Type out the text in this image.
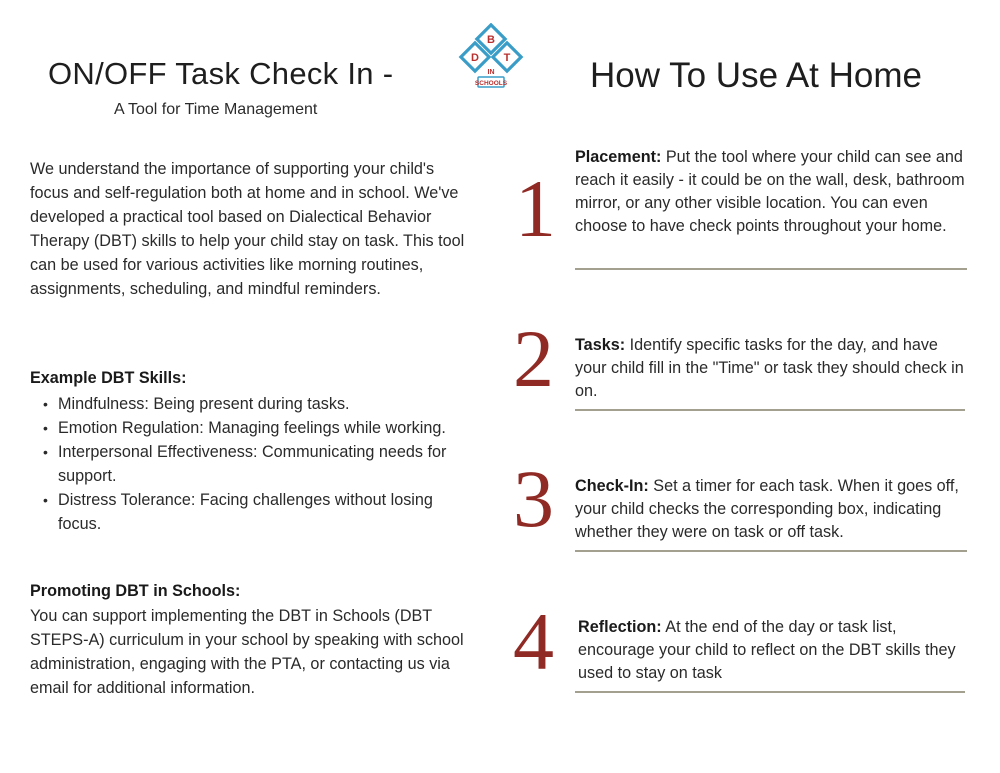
ON/OFF Task Check In -
A Tool for Time Management
How To Use At Home
B
D T
IN
SCHOOLS
We understand the importance of supporting your child's focus and self-regulation both at home and in school. We've developed a practical tool based on Dialectical Behavior Therapy (DBT) skills to help your child stay on task. This tool can be used for various activities like morning routines, assignments, scheduling, and mindful reminders.
Example DBT Skills:
• Mindfulness: Being present during tasks.
• Emotion Regulation: Managing feelings while working.
• Interpersonal Effectiveness: Communicating needs for support.
• Distress Tolerance: Facing challenges without losing focus.
Promoting DBT in Schools:
You can support implementing the DBT in Schools (DBT STEPS-A) curriculum in your school by speaking with school administration, engaging with the PTA, or contacting us via email for additional information.
1
Placement: Put the tool where your child can see and reach it easily - it could be on the wall, desk, bathroom mirror, or any other visible location. You can even choose to have check points throughout your home.
2 Tasks: Identify specific tasks for the day, and have your child fill in the "Time" or task they should check in on.
3 Check-In: Set a timer for each task. When it goes off, your child checks the corresponding box, indicating whether they were on task or off task.
4 Reflection: At the end of the day or task list, encourage your child to reflect on the DBT skills they used to stay on task
